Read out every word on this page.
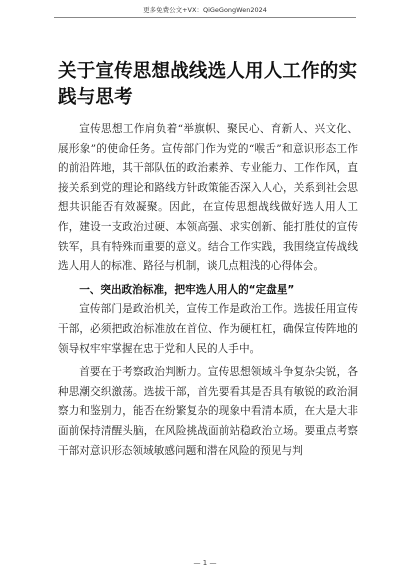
更多免费公文+VX：QiGeGongWen2024
关于宣传思想战线选人用人工作的实践与思考

宣传思想工作肩负着“举旗帜、聚民心、育新人、兴文化、展形象”的使命任务。宣传部门作为党的“喉舌”和意识形态工作的前沿阵地，其干部队伍的政治素养、专业能力、工作作风，直接关系到党的理论和路线方针政策能否深入人心，关系到社会思想共识能否有效凝聚。因此，在宣传思想战线做好选人用人工作，建设一支政治过硬、本领高强、求实创新、能打胜仗的宣传铁军，具有特殊而重要的意义。结合工作实践，我围绕宣传战线选人用人的标准、路径与机制，谈几点粗浅的心得体会。

一、突出政治标准，把牢选人用人的“定盘星”

宣传部门是政治机关，宣传工作是政治工作。选拔任用宣传干部，必须把政治标准放在首位、作为硬杠杠，确保宣传阵地的领导权牢牢掌握在忠于党和人民的人手中。

首要在于考察政治判断力。宣传思想领域斗争复杂尖锐，各种思潮交织激荡。选拔干部，首先要看其是否具有敏锐的政治洞察力和鉴别力，能否在纷繁复杂的现象中看清本质，在大是大非面前保持清醒头脑，在风险挑战面前站稳政治立场。要重点考察干部对意识形态领域敏感问题和潜在风险的预见与判

— 1 —
